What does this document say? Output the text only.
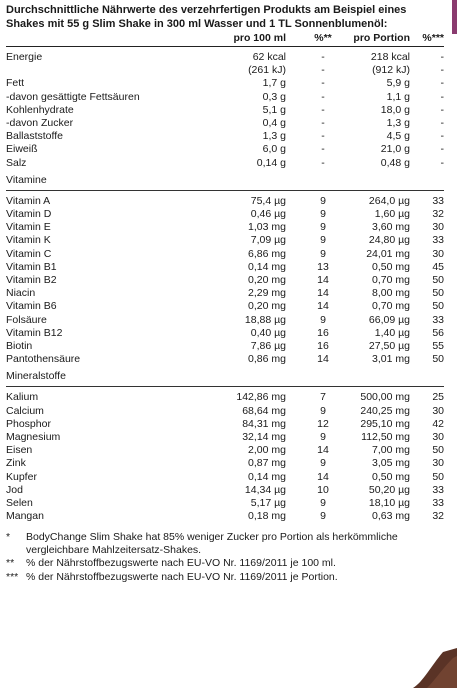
Durchschnittliche Nährwerte des verzehrfertigen Produkts am Beispiel eines
Shakes mit 55 g Slim Shake in 300 ml Wasser und 1 TL Sonnenblumenöl:
	pro 100 ml	%**	pro Portion	%***
Energie	62 kcal	-	218 kcal	-
	(261 kJ)	-	(912 kJ)	-
Fett	1,7 g	-	5,9 g	-
-davon gesättigte Fettsäuren	0,3 g	-	1,1 g	-
Kohlenhydrate	5,1 g	-	18,0 g	-
-davon Zucker	0,4 g	-	1,3 g	-
Ballaststoffe	1,3 g	-	4,5 g	-
Eiweiß	6,0 g	-	21,0 g	-
Salz	0,14 g	-	0,48 g	-
Vitamine				
Vitamin A	75,4 µg	9	264,0 µg	33
Vitamin D	0,46 µg	9	1,60 µg	32
Vitamin E	1,03 mg	9	3,60 mg	30
Vitamin K	7,09 µg	9	24,80 µg	33
Vitamin C	6,86 mg	9	24,01 mg	30
Vitamin B1	0,14 mg	13	0,50 mg	45
Vitamin B2	0,20 mg	14	0,70 mg	50
Niacin	2,29 mg	14	8,00 mg	50
Vitamin B6	0,20 mg	14	0,70 mg	50
Folsäure	18,88 µg	9	66,09 µg	33
Vitamin B12	0,40 µg	16	1,40 µg	56
Biotin	7,86 µg	16	27,50 µg	55
Pantothensäure	0,86 mg	14	3,01 mg	50
Mineralstoffe				
Kalium	142,86 mg	7	500,00 mg	25
Calcium	68,64 mg	9	240,25 mg	30
Phosphor	84,31 mg	12	295,10 mg	42
Magnesium	32,14 mg	9	112,50 mg	30
Eisen	2,00 mg	14	7,00 mg	50
Zink	0,87 mg	9	3,05 mg	30
Kupfer	0,14 mg	14	0,50 mg	50
Jod	14,34 µg	10	50,20 µg	33
Selen	5,17 µg	9	18,10 µg	33
Mangan	0,18 mg	9	0,63 mg	32
*	BodyChange Slim Shake hat 85% weniger Zucker pro Portion als herkömmliche vergleichbare Mahlzeitersatz-Shakes.
**	% der Nährstoffbezugswerte nach EU-VO Nr. 1169/2011 je 100 ml.
*** % der Nährstoffbezugswerte nach EU-VO Nr. 1169/2011 je Portion.
